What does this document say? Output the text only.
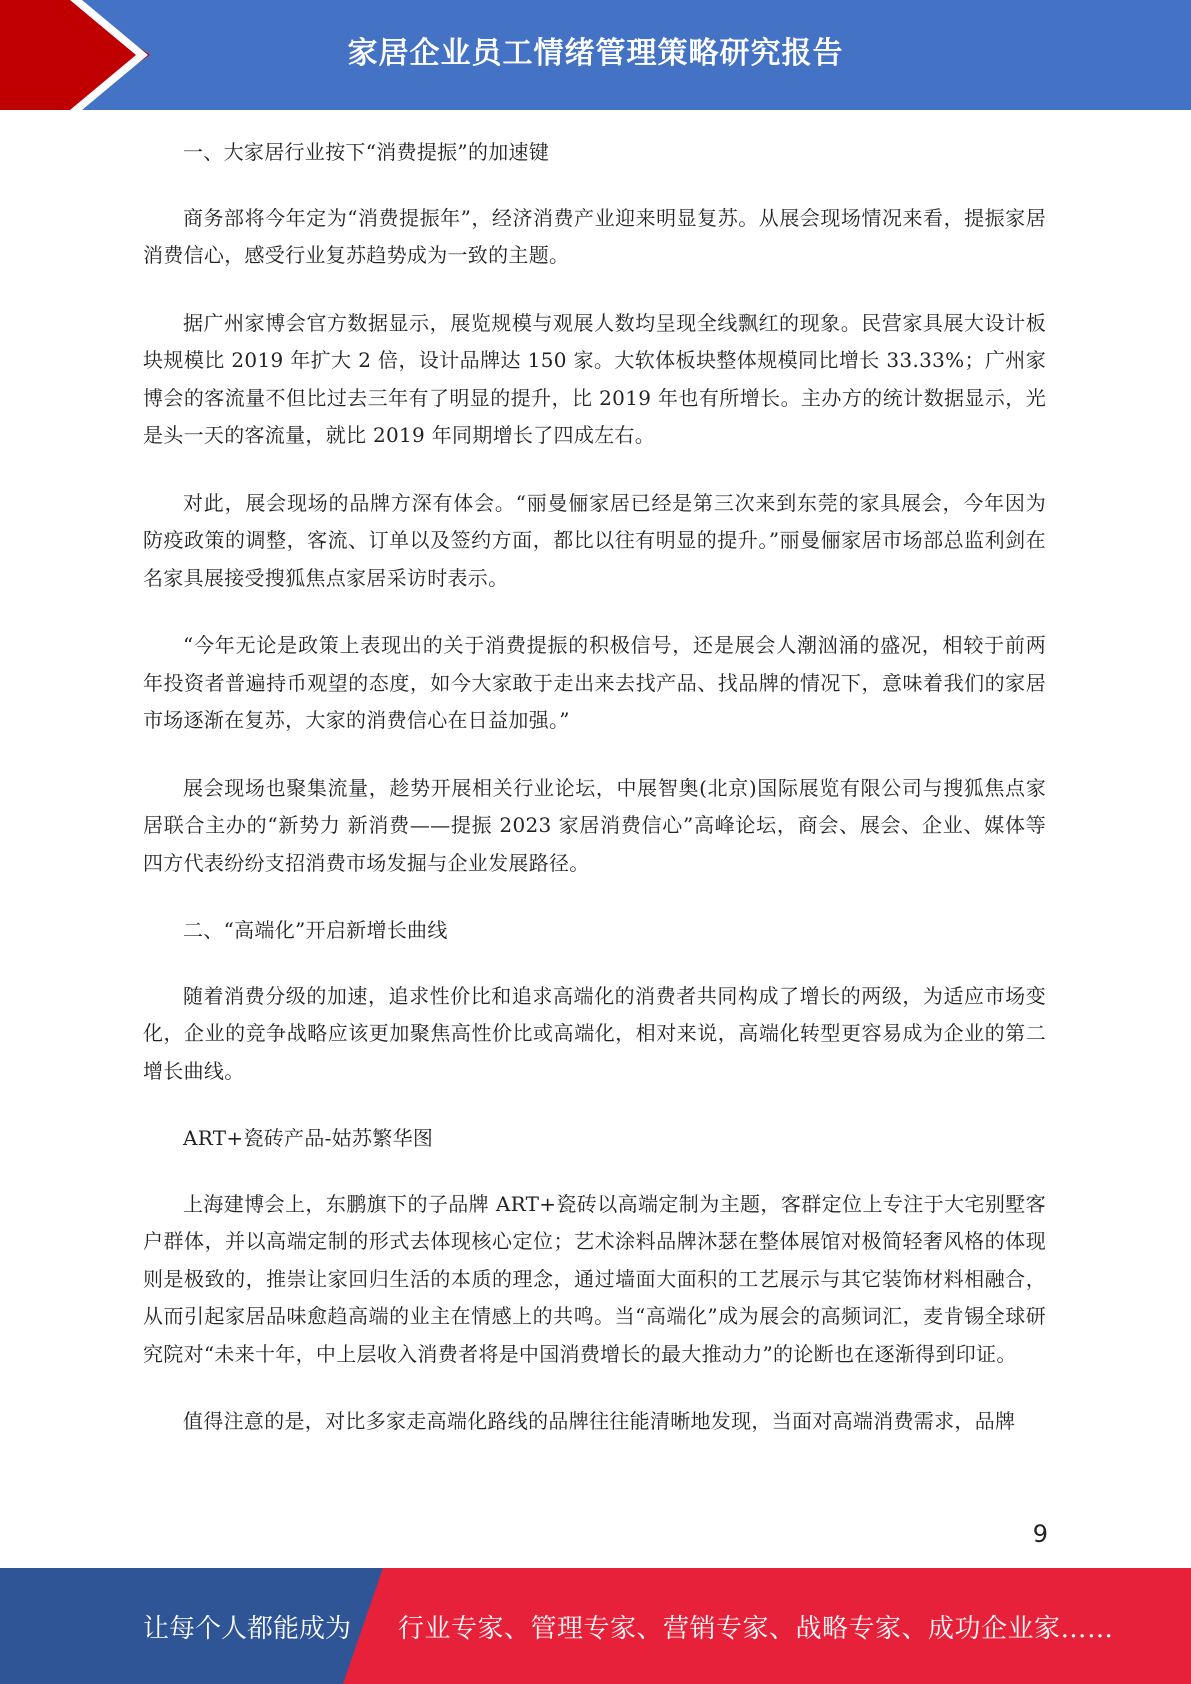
家居企业员工情绪管理策略研究报告

一、大家居行业按下“消费提振”的加速键

商务部将今年定为“消费提振年”，经济消费产业迎来明显复苏。从展会现场情况来看，提振家居消费信心，感受行业复苏趋势成为一致的主题。

据广州家博会官方数据显示，展览规模与观展人数均呈现全线飘红的现象。民营家具展大设计板块规模比 2019 年扩大 2 倍，设计品牌达 150 家。大软体板块整体规模同比增长 33.33%；广州家博会的客流量不但比过去三年有了明显的提升，比 2019 年也有所增长。主办方的统计数据显示，光是头一天的客流量，就比 2019 年同期增长了四成左右。

对此，展会现场的品牌方深有体会。“丽曼俪家居已经是第三次来到东莞的家具展会，今年因为防疫政策的调整，客流、订单以及签约方面，都比以往有明显的提升。”丽曼俪家居市场部总监利剑在名家具展接受搜狐焦点家居采访时表示。

“今年无论是政策上表现出的关于消费提振的积极信号，还是展会人潮汹涌的盛况，相较于前两年投资者普遍持币观望的态度，如今大家敢于走出来去找产品、找品牌的情况下，意味着我们的家居市场逐渐在复苏，大家的消费信心在日益加强。”

展会现场也聚集流量，趁势开展相关行业论坛，中展智奥(北京)国际展览有限公司与搜狐焦点家居联合主办的“新势力 新消费——提振 2023 家居消费信心”高峰论坛，商会、展会、企业、媒体等四方代表纷纷支招消费市场发掘与企业发展路径。

二、“高端化”开启新增长曲线

随着消费分级的加速，追求性价比和追求高端化的消费者共同构成了增长的两级，为适应市场变化，企业的竞争战略应该更加聚焦高性价比或高端化，相对来说，高端化转型更容易成为企业的第二增长曲线。

ART+瓷砖产品-姑苏繁华图

上海建博会上，东鹏旗下的子品牌 ART+瓷砖以高端定制为主题，客群定位上专注于大宅别墅客户群体，并以高端定制的形式去体现核心定位；艺术涂料品牌沐瑟在整体展馆对极简轻奢风格的体现则是极致的，推崇让家回归生活的本质的理念，通过墙面大面积的工艺展示与其它装饰材料相融合，从而引起家居品味愈趋高端的业主在情感上的共鸣。当“高端化”成为展会的高频词汇，麦肯锡全球研究院对“未来十年，中上层收入消费者将是中国消费增长的最大推动力”的论断也在逐渐得到印证。

值得注意的是，对比多家走高端化路线的品牌往往能清晰地发现，当面对高端消费需求，品牌

9
让每个人都能成为 行业专家、管理专家、营销专家、战略专家、成功企业家……
